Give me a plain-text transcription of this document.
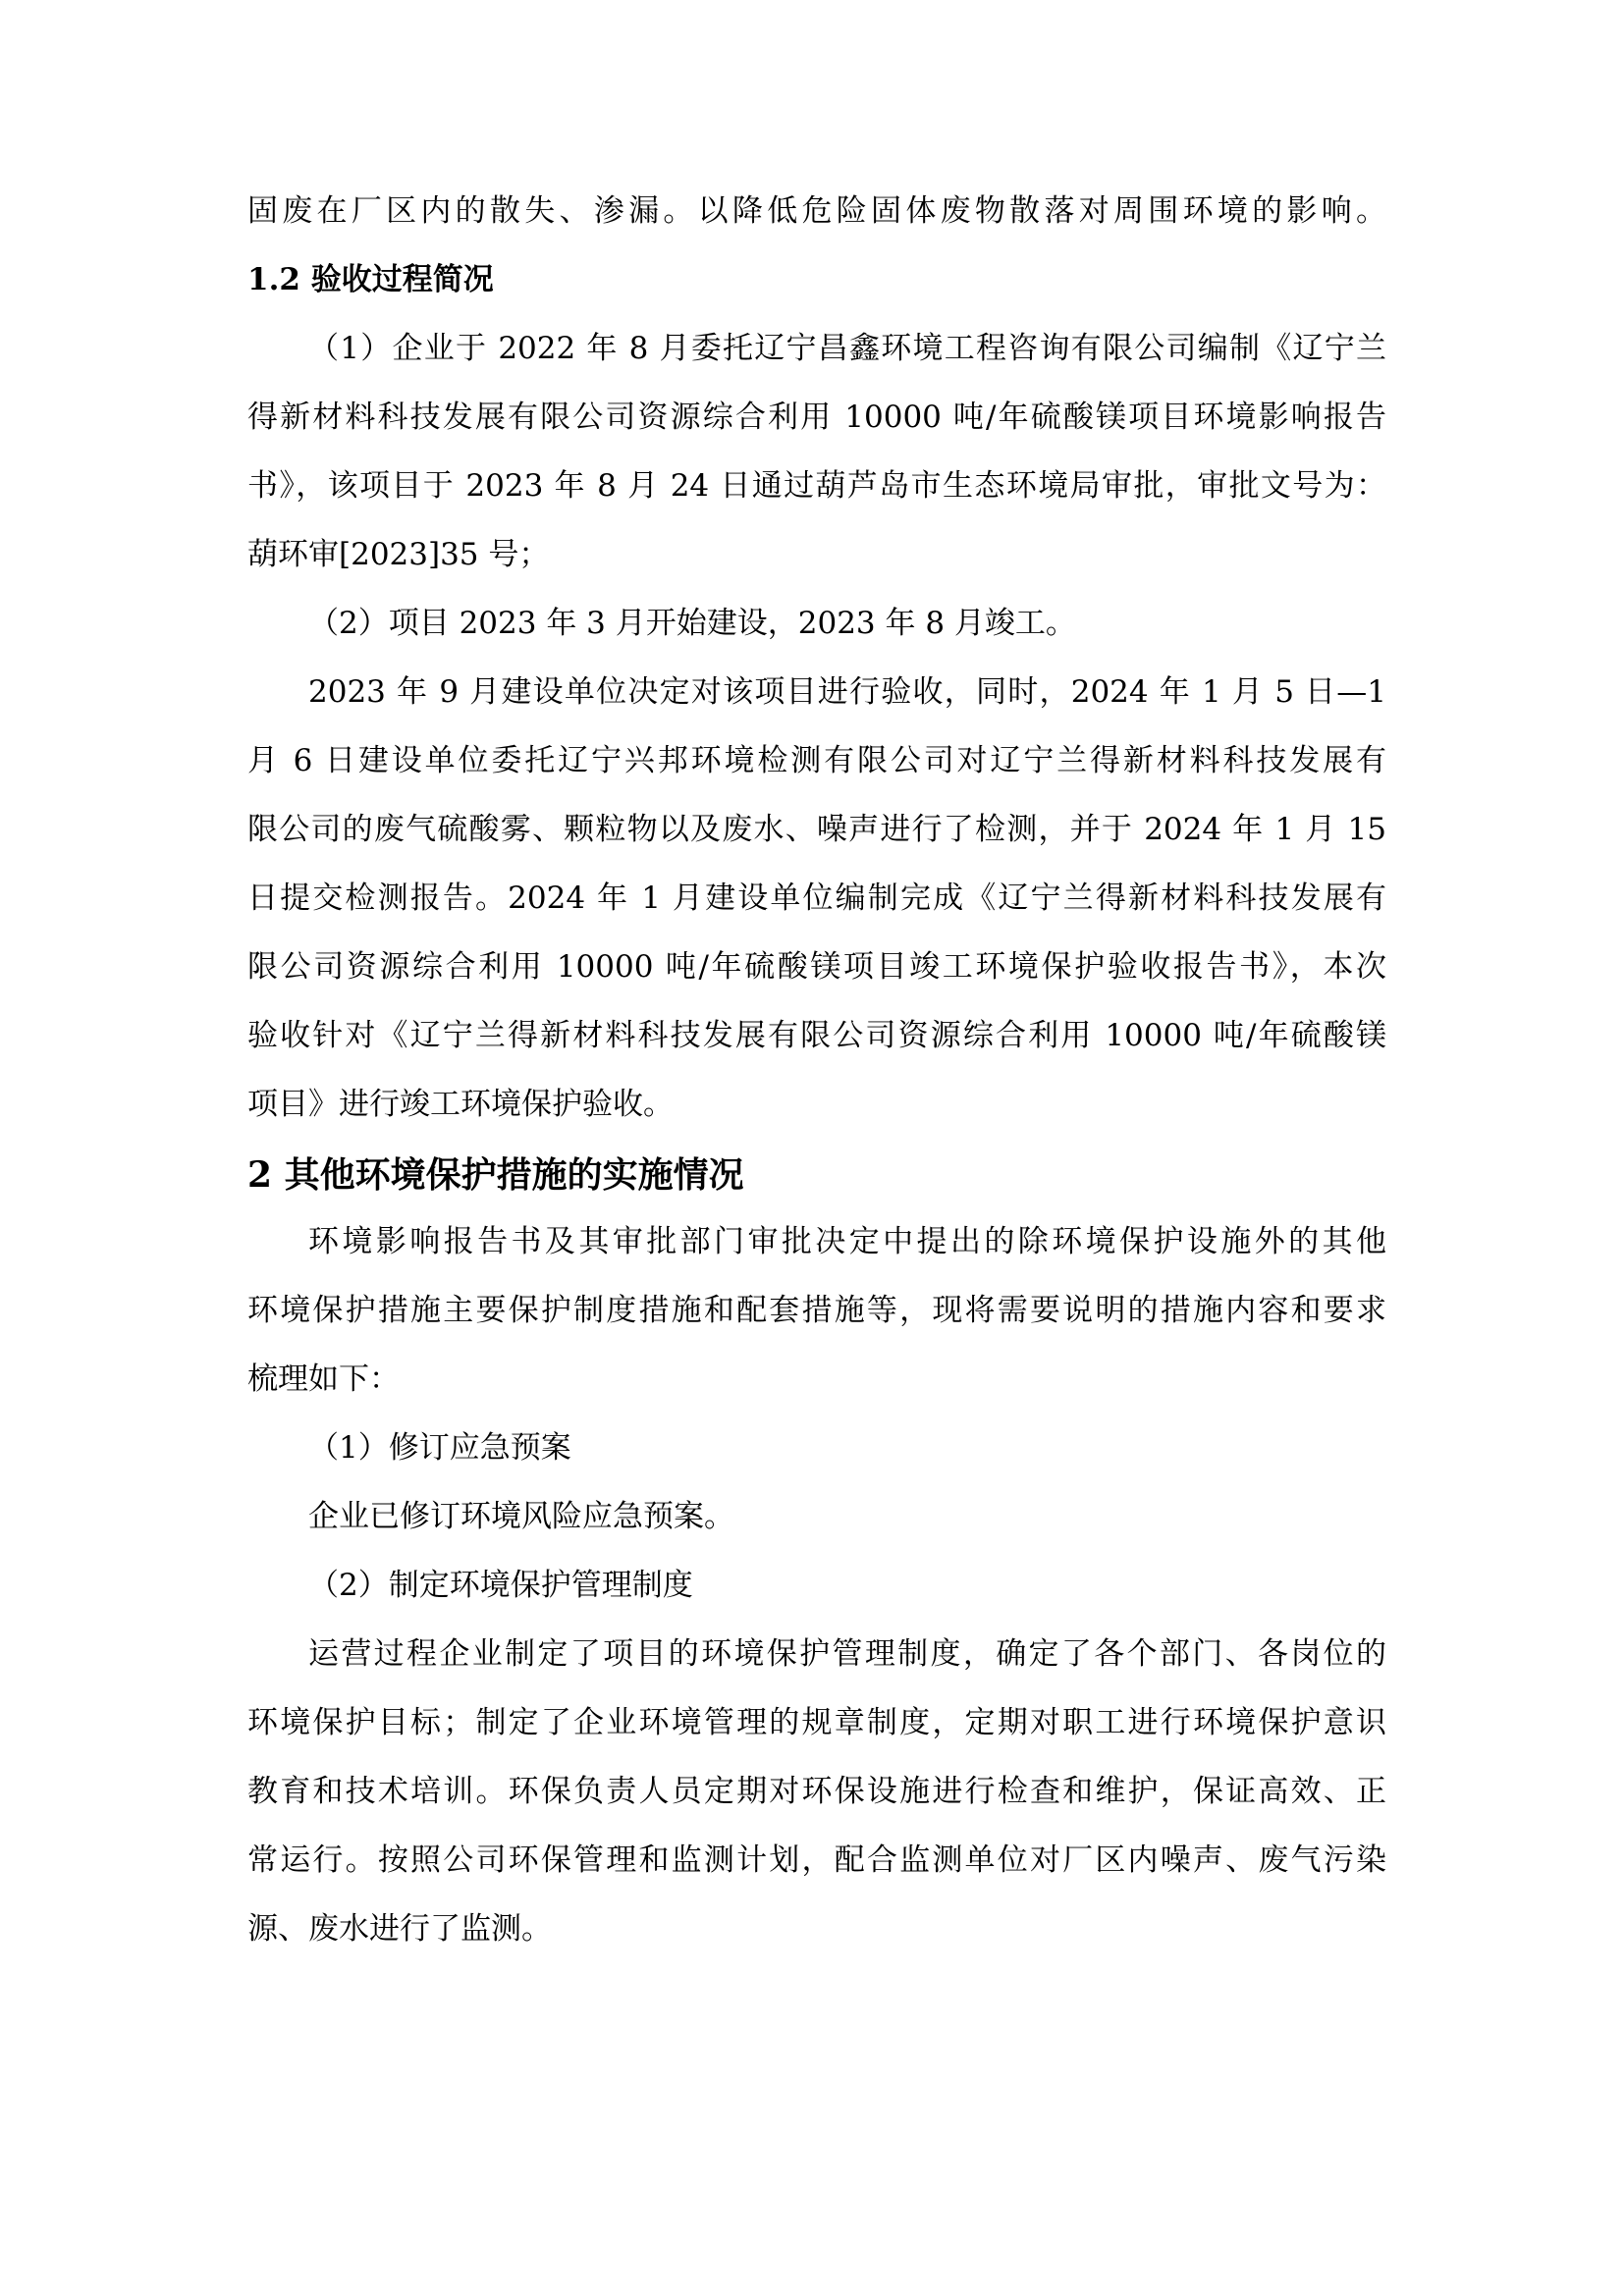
固废在厂区内的散失、渗漏。以降低危险固体废物散落对周围环境的影响。
1.2 验收过程简况
（1）企业于 2022 年 8 月委托辽宁昌鑫环境工程咨询有限公司编制《辽宁兰
得新材料科技发展有限公司资源综合利用 10000 吨/年硫酸镁项目环境影响报告
书》，该项目于 2023 年 8 月 24 日通过葫芦岛市生态环境局审批，审批文号为：
葫环审[2023]35 号；
（2）项目 2023 年 3 月开始建设，2023 年 8 月竣工。
2023 年 9 月建设单位决定对该项目进行验收，同时，2024 年 1 月 5 日—1
月 6 日建设单位委托辽宁兴邦环境检测有限公司对辽宁兰得新材料科技发展有
限公司的废气硫酸雾、颗粒物以及废水、噪声进行了检测，并于 2024 年 1 月 15
日提交检测报告。2024 年 1 月建设单位编制完成《辽宁兰得新材料科技发展有
限公司资源综合利用 10000 吨/年硫酸镁项目竣工环境保护验收报告书》，本次
验收针对《辽宁兰得新材料科技发展有限公司资源综合利用 10000 吨/年硫酸镁
项目》进行竣工环境保护验收。
2 其他环境保护措施的实施情况
环境影响报告书及其审批部门审批决定中提出的除环境保护设施外的其他
环境保护措施主要保护制度措施和配套措施等，现将需要说明的措施内容和要求
梳理如下：
（1）修订应急预案
企业已修订环境风险应急预案。
（2）制定环境保护管理制度
运营过程企业制定了项目的环境保护管理制度，确定了各个部门、各岗位的
环境保护目标；制定了企业环境管理的规章制度，定期对职工进行环境保护意识
教育和技术培训。环保负责人员定期对环保设施进行检查和维护，保证高效、正
常运行。按照公司环保管理和监测计划，配合监测单位对厂区内噪声、废气污染
源、废水进行了监测。
